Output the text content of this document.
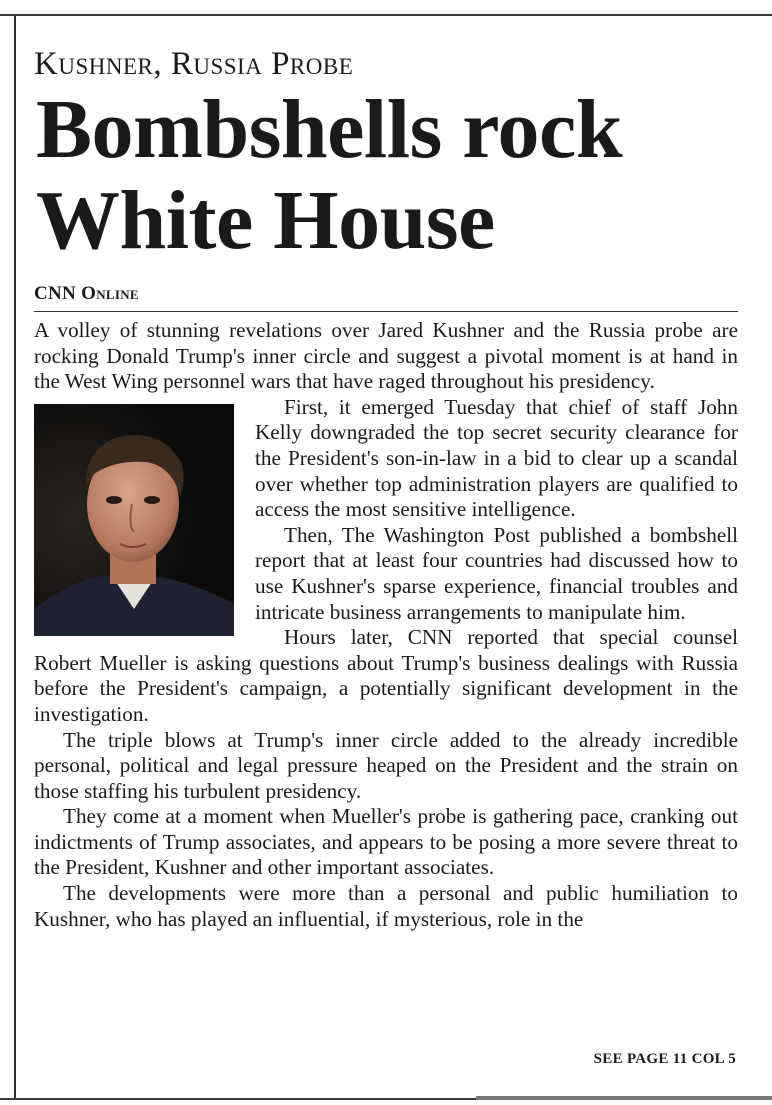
Kushner, Russia Probe
Bombshells rock White House
CNN Online

A volley of stunning revelations over Jared Kushner and the Russia probe are rocking Donald Trump's inner circle and suggest a pivotal moment is at hand in the West Wing personnel wars that have raged throughout his presidency.

First, it emerged Tuesday that chief of staff John Kelly downgraded the top secret security clearance for the President's son-in-law in a bid to clear up a scandal over whether top administration players are qualified to access the most sensitive intelligence.

Then, The Washington Post published a bombshell report that at least four countries had discussed how to use Kushner's sparse experience, financial troubles and intricate business arrangements to manipulate him.

Hours later, CNN reported that special counsel Robert Mueller is asking questions about Trump's business dealings with Russia before the President's campaign, a potentially significant development in the investigation.

The triple blows at Trump's inner circle added to the already incredible personal, political and legal pressure heaped on the President and the strain on those staffing his turbulent presidency.

They come at a moment when Mueller's probe is gathering pace, cranking out indictments of Trump associates, and appears to be posing a more severe threat to the President, Kushner and other important associates.

The developments were more than a personal and public humiliation to Kushner, who has played an influential, if mysterious, role in the

SEE PAGE 11 COL 5
